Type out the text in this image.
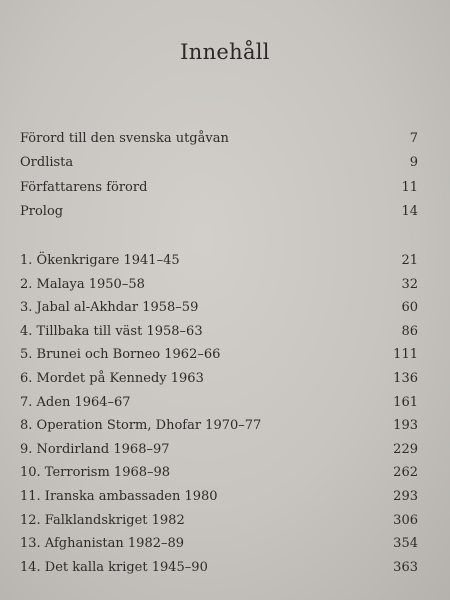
Innehåll
Förord till den svenska utgåvan	7
Ordlista	9
Författarens förord	11
Prolog	14
1. Ökenkrigare 1941–45	21
2. Malaya 1950–58	32
3. Jabal al-Akhdar 1958–59	60
4. Tillbaka till väst 1958–63	86
5. Brunei och Borneo 1962–66	111
6. Mordet på Kennedy 1963	136
7. Aden 1964–67	161
8. Operation Storm, Dhofar 1970–77	193
9. Nordirland 1968–97	229
10. Terrorism 1968–98	262
11. Iranska ambassaden 1980	293
12. Falklandskriget 1982	306
13. Afghanistan 1982–89	354
14. Det kalla kriget 1945–90	363
